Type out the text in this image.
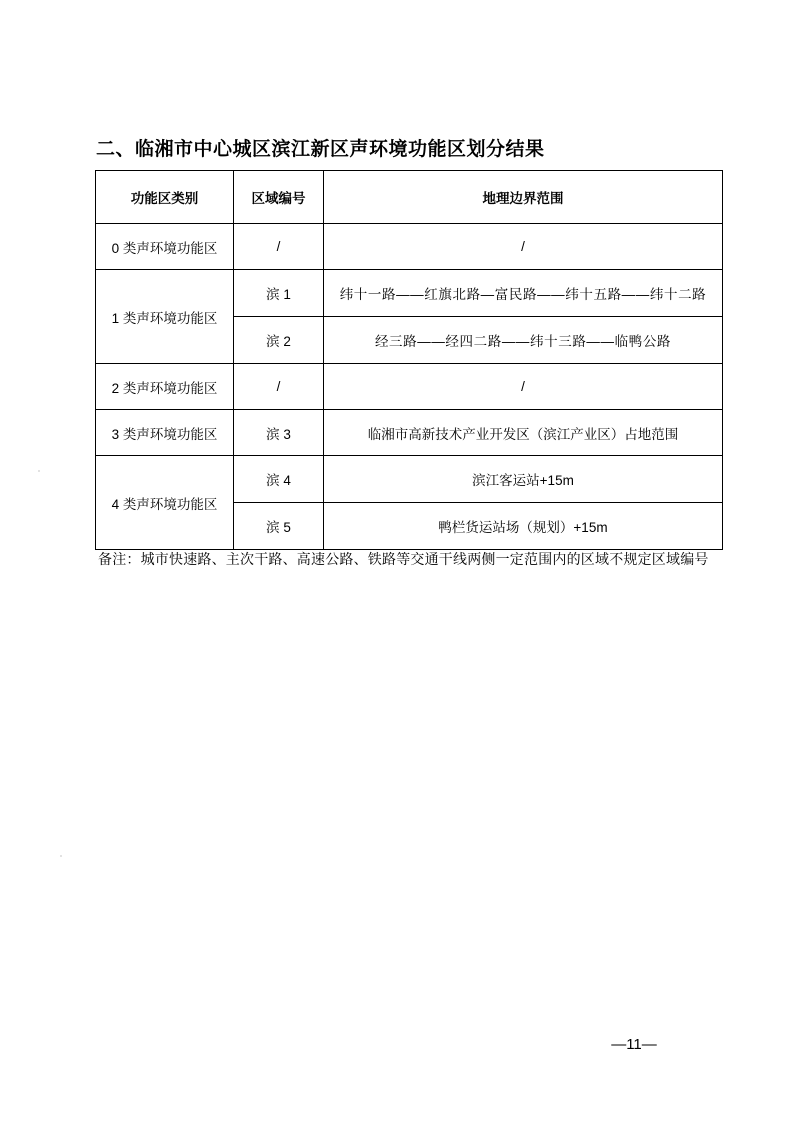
二、临湘市中心城区滨江新区声环境功能区划分结果
功能区类别	区域编号	地理边界范围
0 类声环境功能区	/	/
1 类声环境功能区	滨 1	纬十一路——红旗北路—富民路——纬十五路——纬十二路
	滨 2	经三路——经四二路——纬十三路——临鸭公路
2 类声环境功能区	/	/
3 类声环境功能区	滨 3	临湘市高新技术产业开发区（滨江产业区）占地范围
4 类声环境功能区	滨 4	滨江客运站+15m
	滨 5	鸭栏货运站场（规划）+15m
备注：城市快速路、主次干路、高速公路、铁路等交通干线两侧一定范围内的区域不规定区域编号
—11—
